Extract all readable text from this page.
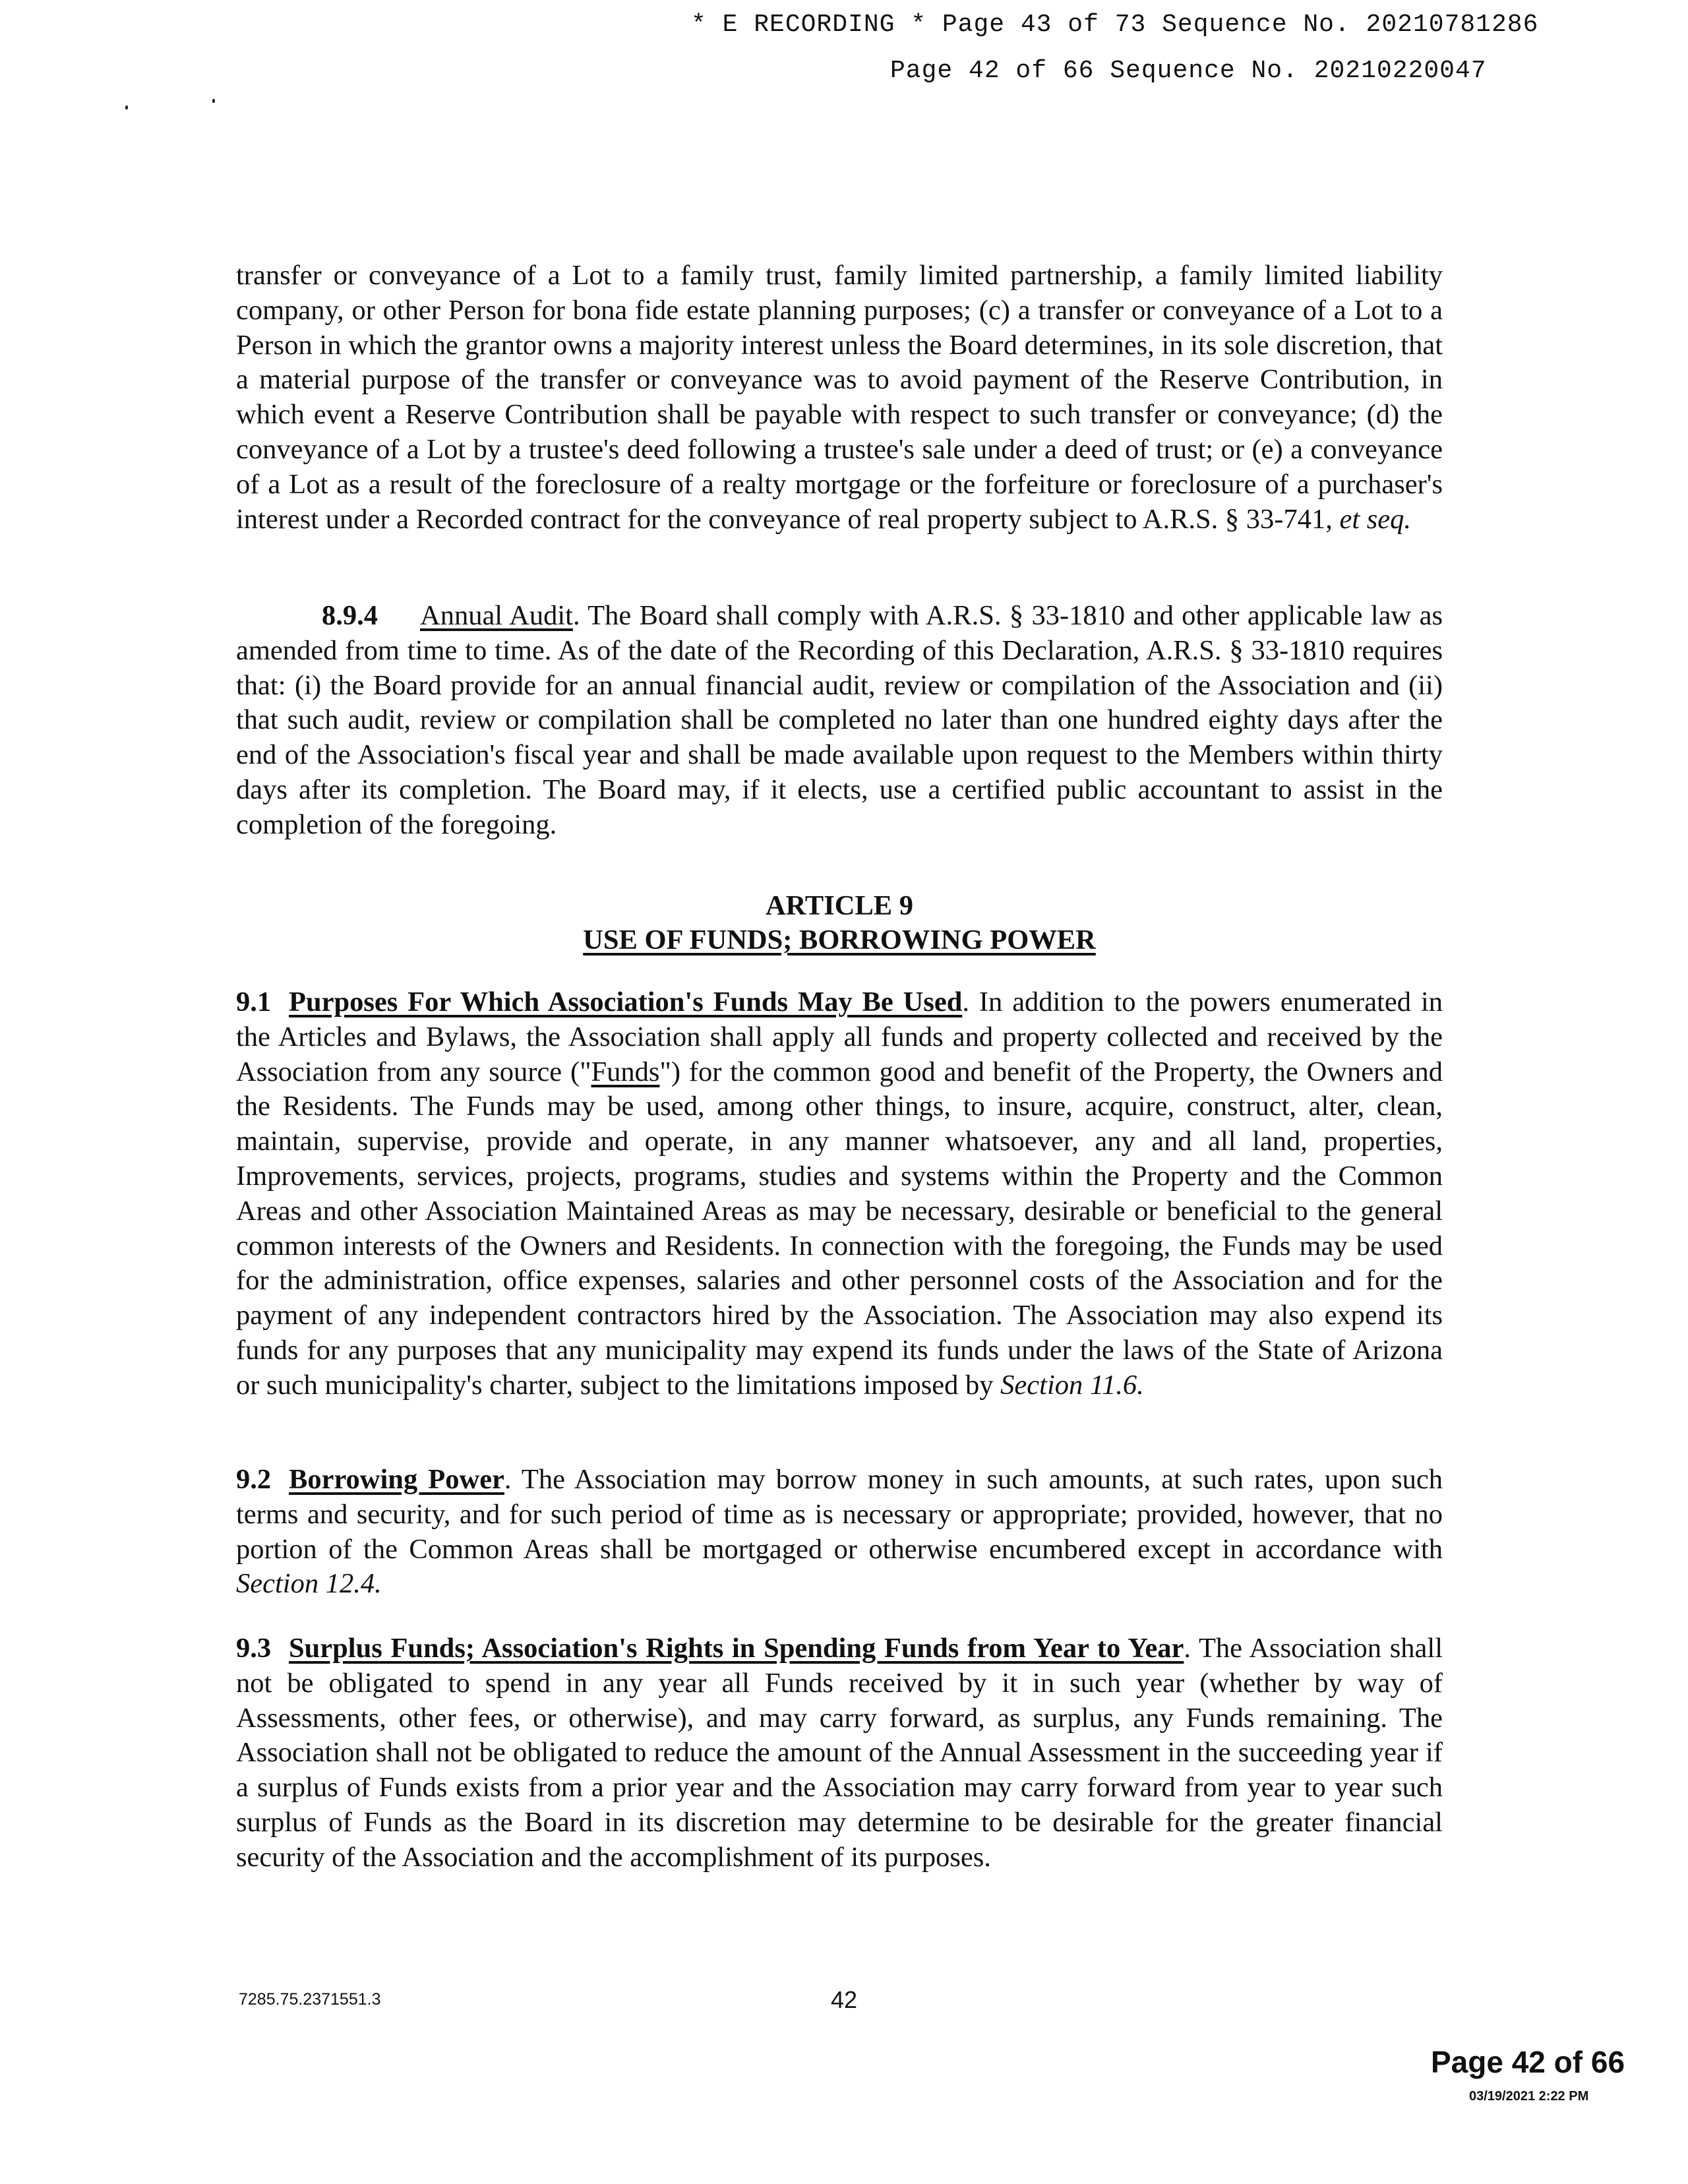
* E RECORDING * Page 43 of 73 Sequence No. 20210781286
Page 42 of 66 Sequence No. 20210220047

transfer or conveyance of a Lot to a family trust, family limited partnership, a family limited liability company, or other Person for bona fide estate planning purposes; (c) a transfer or conveyance of a Lot to a Person in which the grantor owns a majority interest unless the Board determines, in its sole discretion, that a material purpose of the transfer or conveyance was to avoid payment of the Reserve Contribution, in which event a Reserve Contribution shall be payable with respect to such transfer or conveyance; (d) the conveyance of a Lot by a trustee's deed following a trustee's sale under a deed of trust; or (e) a conveyance of a Lot as a result of the foreclosure of a realty mortgage or the forfeiture or foreclosure of a purchaser's interest under a Recorded contract for the conveyance of real property subject to A.R.S. § 33-741, et seq.

8.9.4 Annual Audit. The Board shall comply with A.R.S. § 33-1810 and other applicable law as amended from time to time. As of the date of the Recording of this Declaration, A.R.S. § 33-1810 requires that: (i) the Board provide for an annual financial audit, review or compilation of the Association and (ii) that such audit, review or compilation shall be completed no later than one hundred eighty days after the end of the Association's fiscal year and shall be made available upon request to the Members within thirty days after its completion. The Board may, if it elects, use a certified public accountant to assist in the completion of the foregoing.

ARTICLE 9
USE OF FUNDS; BORROWING POWER

9.1 Purposes For Which Association's Funds May Be Used. In addition to the powers enumerated in the Articles and Bylaws, the Association shall apply all funds and property collected and received by the Association from any source ("Funds") for the common good and benefit of the Property, the Owners and the Residents. The Funds may be used, among other things, to insure, acquire, construct, alter, clean, maintain, supervise, provide and operate, in any manner whatsoever, any and all land, properties, Improvements, services, projects, programs, studies and systems within the Property and the Common Areas and other Association Maintained Areas as may be necessary, desirable or beneficial to the general common interests of the Owners and Residents. In connection with the foregoing, the Funds may be used for the administration, office expenses, salaries and other personnel costs of the Association and for the payment of any independent contractors hired by the Association. The Association may also expend its funds for any purposes that any municipality may expend its funds under the laws of the State of Arizona or such municipality's charter, subject to the limitations imposed by Section 11.6.

9.2 Borrowing Power. The Association may borrow money in such amounts, at such rates, upon such terms and security, and for such period of time as is necessary or appropriate; provided, however, that no portion of the Common Areas shall be mortgaged or otherwise encumbered except in accordance with Section 12.4.

9.3 Surplus Funds; Association's Rights in Spending Funds from Year to Year. The Association shall not be obligated to spend in any year all Funds received by it in such year (whether by way of Assessments, other fees, or otherwise), and may carry forward, as surplus, any Funds remaining. The Association shall not be obligated to reduce the amount of the Annual Assessment in the succeeding year if a surplus of Funds exists from a prior year and the Association may carry forward from year to year such surplus of Funds as the Board in its discretion may determine to be desirable for the greater financial security of the Association and the accomplishment of its purposes.

7285.75.2371551.3	42
Page 42 of 66
03/19/2021 2:22 PM
